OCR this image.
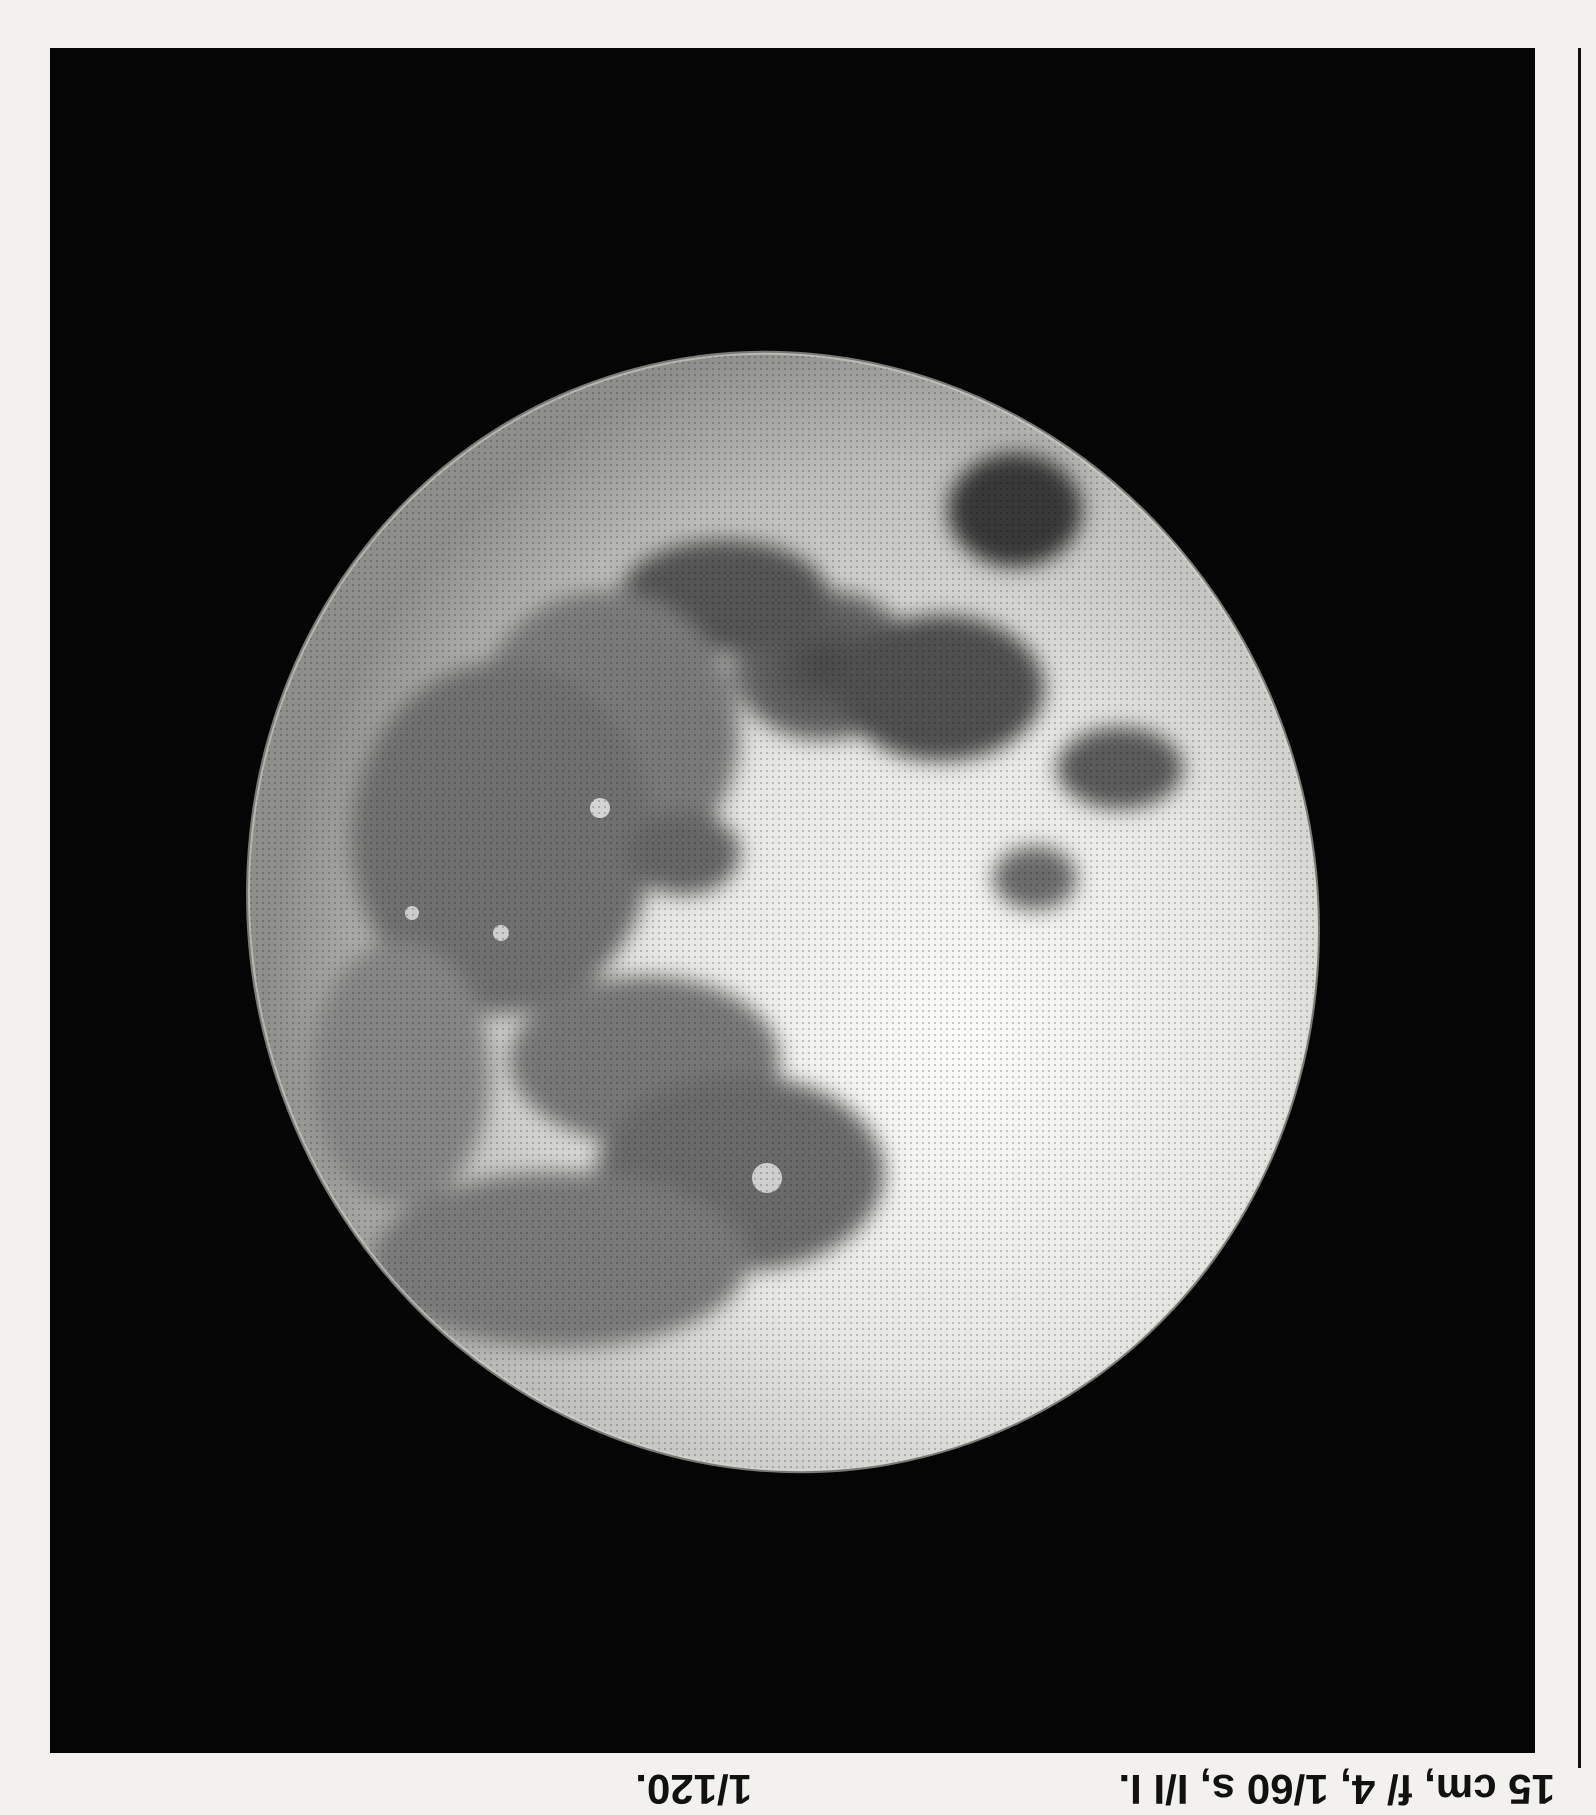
15 cm, f/ 4, 1/60 s, I/I I.
1/120.
